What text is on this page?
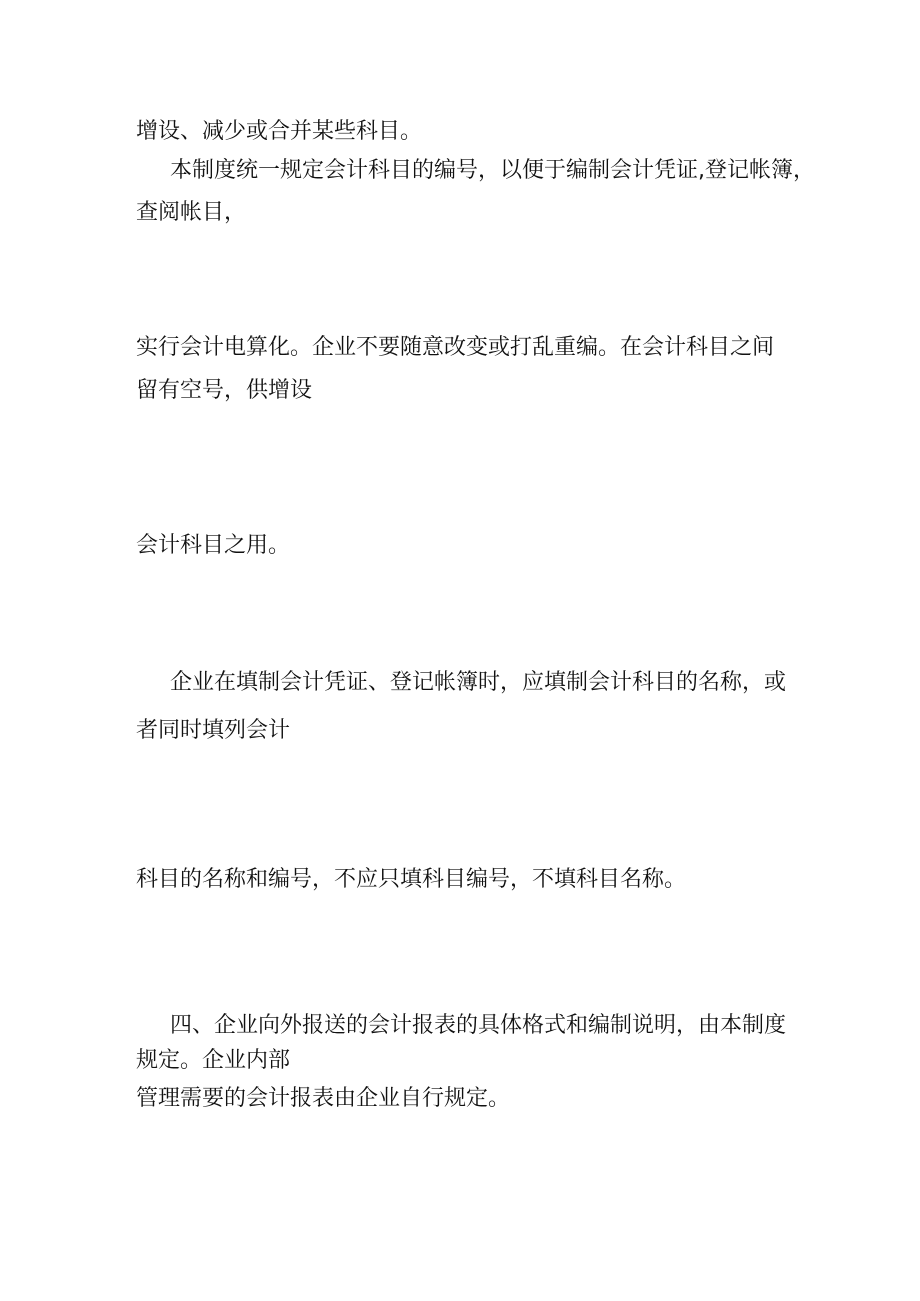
增设、减少或合并某些科目。
本制度统一规定会计科目的编号，以便于编制会计凭证,登记帐簿，
查阅帐目，
实行会计电算化。企业不要随意改变或打乱重编。在会计科目之间
留有空号，供增设
会计科目之用。
企业在填制会计凭证、登记帐簿时，应填制会计科目的名称，或
者同时填列会计
科目的名称和编号，不应只填科目编号，不填科目名称。
四、企业向外报送的会计报表的具体格式和编制说明，由本制度
规定。企业内部
管理需要的会计报表由企业自行规定。
